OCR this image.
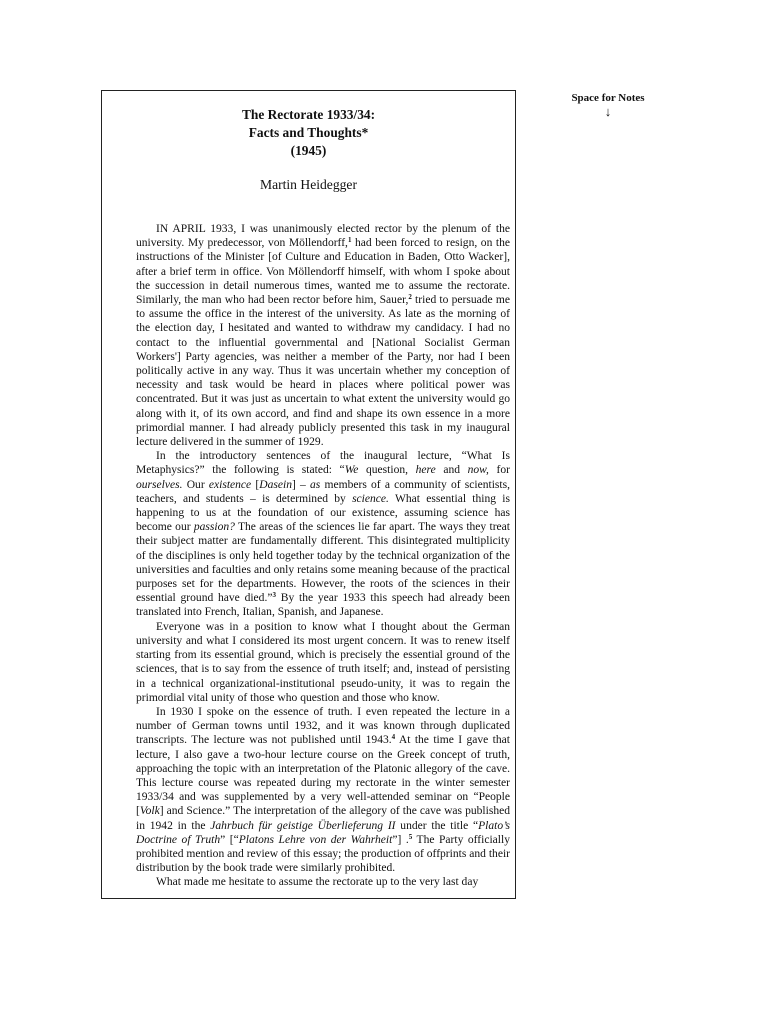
The Rectorate 1933/34:
Facts and Thoughts*
(1945)
Martin Heidegger

IN APRIL 1933, I was unanimously elected rector by the plenum of the university. My predecessor, von Möllendorff,$^1$ had been forced to resign, on the instructions of the Minister [of Culture and Education in Baden, Otto Wacker], after a brief term in office. Von Möllendorff himself, with whom I spoke about the succession in detail numerous times, wanted me to assume the rectorate. Similarly, the man who had been rector before him, Sauer,$^2$ tried to persuade me to assume the office in the interest of the university. As late as the morning of the election day, I hesitated and wanted to withdraw my candidacy. I had no contact to the influential governmental and [National Socialist German Workers'] Party agencies, was neither a member of the Party, nor had I been politically active in any way. Thus it was uncertain whether my conception of necessity and task would be heard in places where political power was concentrated. But it was just as uncertain to what extent the university would go along with it, of its own accord, and find and shape its own essence in a more primordial manner. I had already publicly presented this task in my inaugural lecture delivered in the summer of 1929.

In the introductory sentences of the inaugural lecture, “What Is Metaphysics?” the following is stated: “We question, here and now, for ourselves. Our existence [Dasein] – as members of a community of scientists, teachers, and students – is determined by science. What essential thing is happening to us at the foundation of our existence, assuming science has become our passion? The areas of the sciences lie far apart. The ways they treat their subject matter are fundamentally different. This disintegrated multiplicity of the disciplines is only held together today by the technical organization of the universities and faculties and only retains some meaning because of the practical purposes set for the departments. However, the roots of the sciences in their essential ground have died.”$^3$ By the year 1933 this speech had already been translated into French, Italian, Spanish, and Japanese.

Everyone was in a position to know what I thought about the German university and what I considered its most urgent concern. It was to renew itself starting from its essential ground, which is precisely the essential ground of the sciences, that is to say from the essence of truth itself; and, instead of persisting in a technical organizational-institutional pseudo-unity, it was to regain the primordial vital unity of those who question and those who know.

In 1930 I spoke on the essence of truth. I even repeated the lecture in a number of German towns until 1932, and it was known through duplicated transcripts. The lecture was not published until 1943.$^4$ At the time I gave that lecture, I also gave a two-hour lecture course on the Greek concept of truth, approaching the topic with an interpretation of the Platonic allegory of the cave. This lecture course was repeated during my rectorate in the winter semester 1933/34 and was supplemented by a very well-attended seminar on “People [Volk] and Science.” The interpretation of the allegory of the cave was published in 1942 in the Jahrbuch für geistige Überlieferung II under the title “Plato’s Doctrine of Truth” [“Platons Lehre von der Wahrheit”] .$^5$ The Party officially prohibited mention and review of this essay; the production of offprints and their distribution by the book trade were similarly prohibited.

What made me hesitate to assume the rectorate up to the very last day

Space for Notes
↓
